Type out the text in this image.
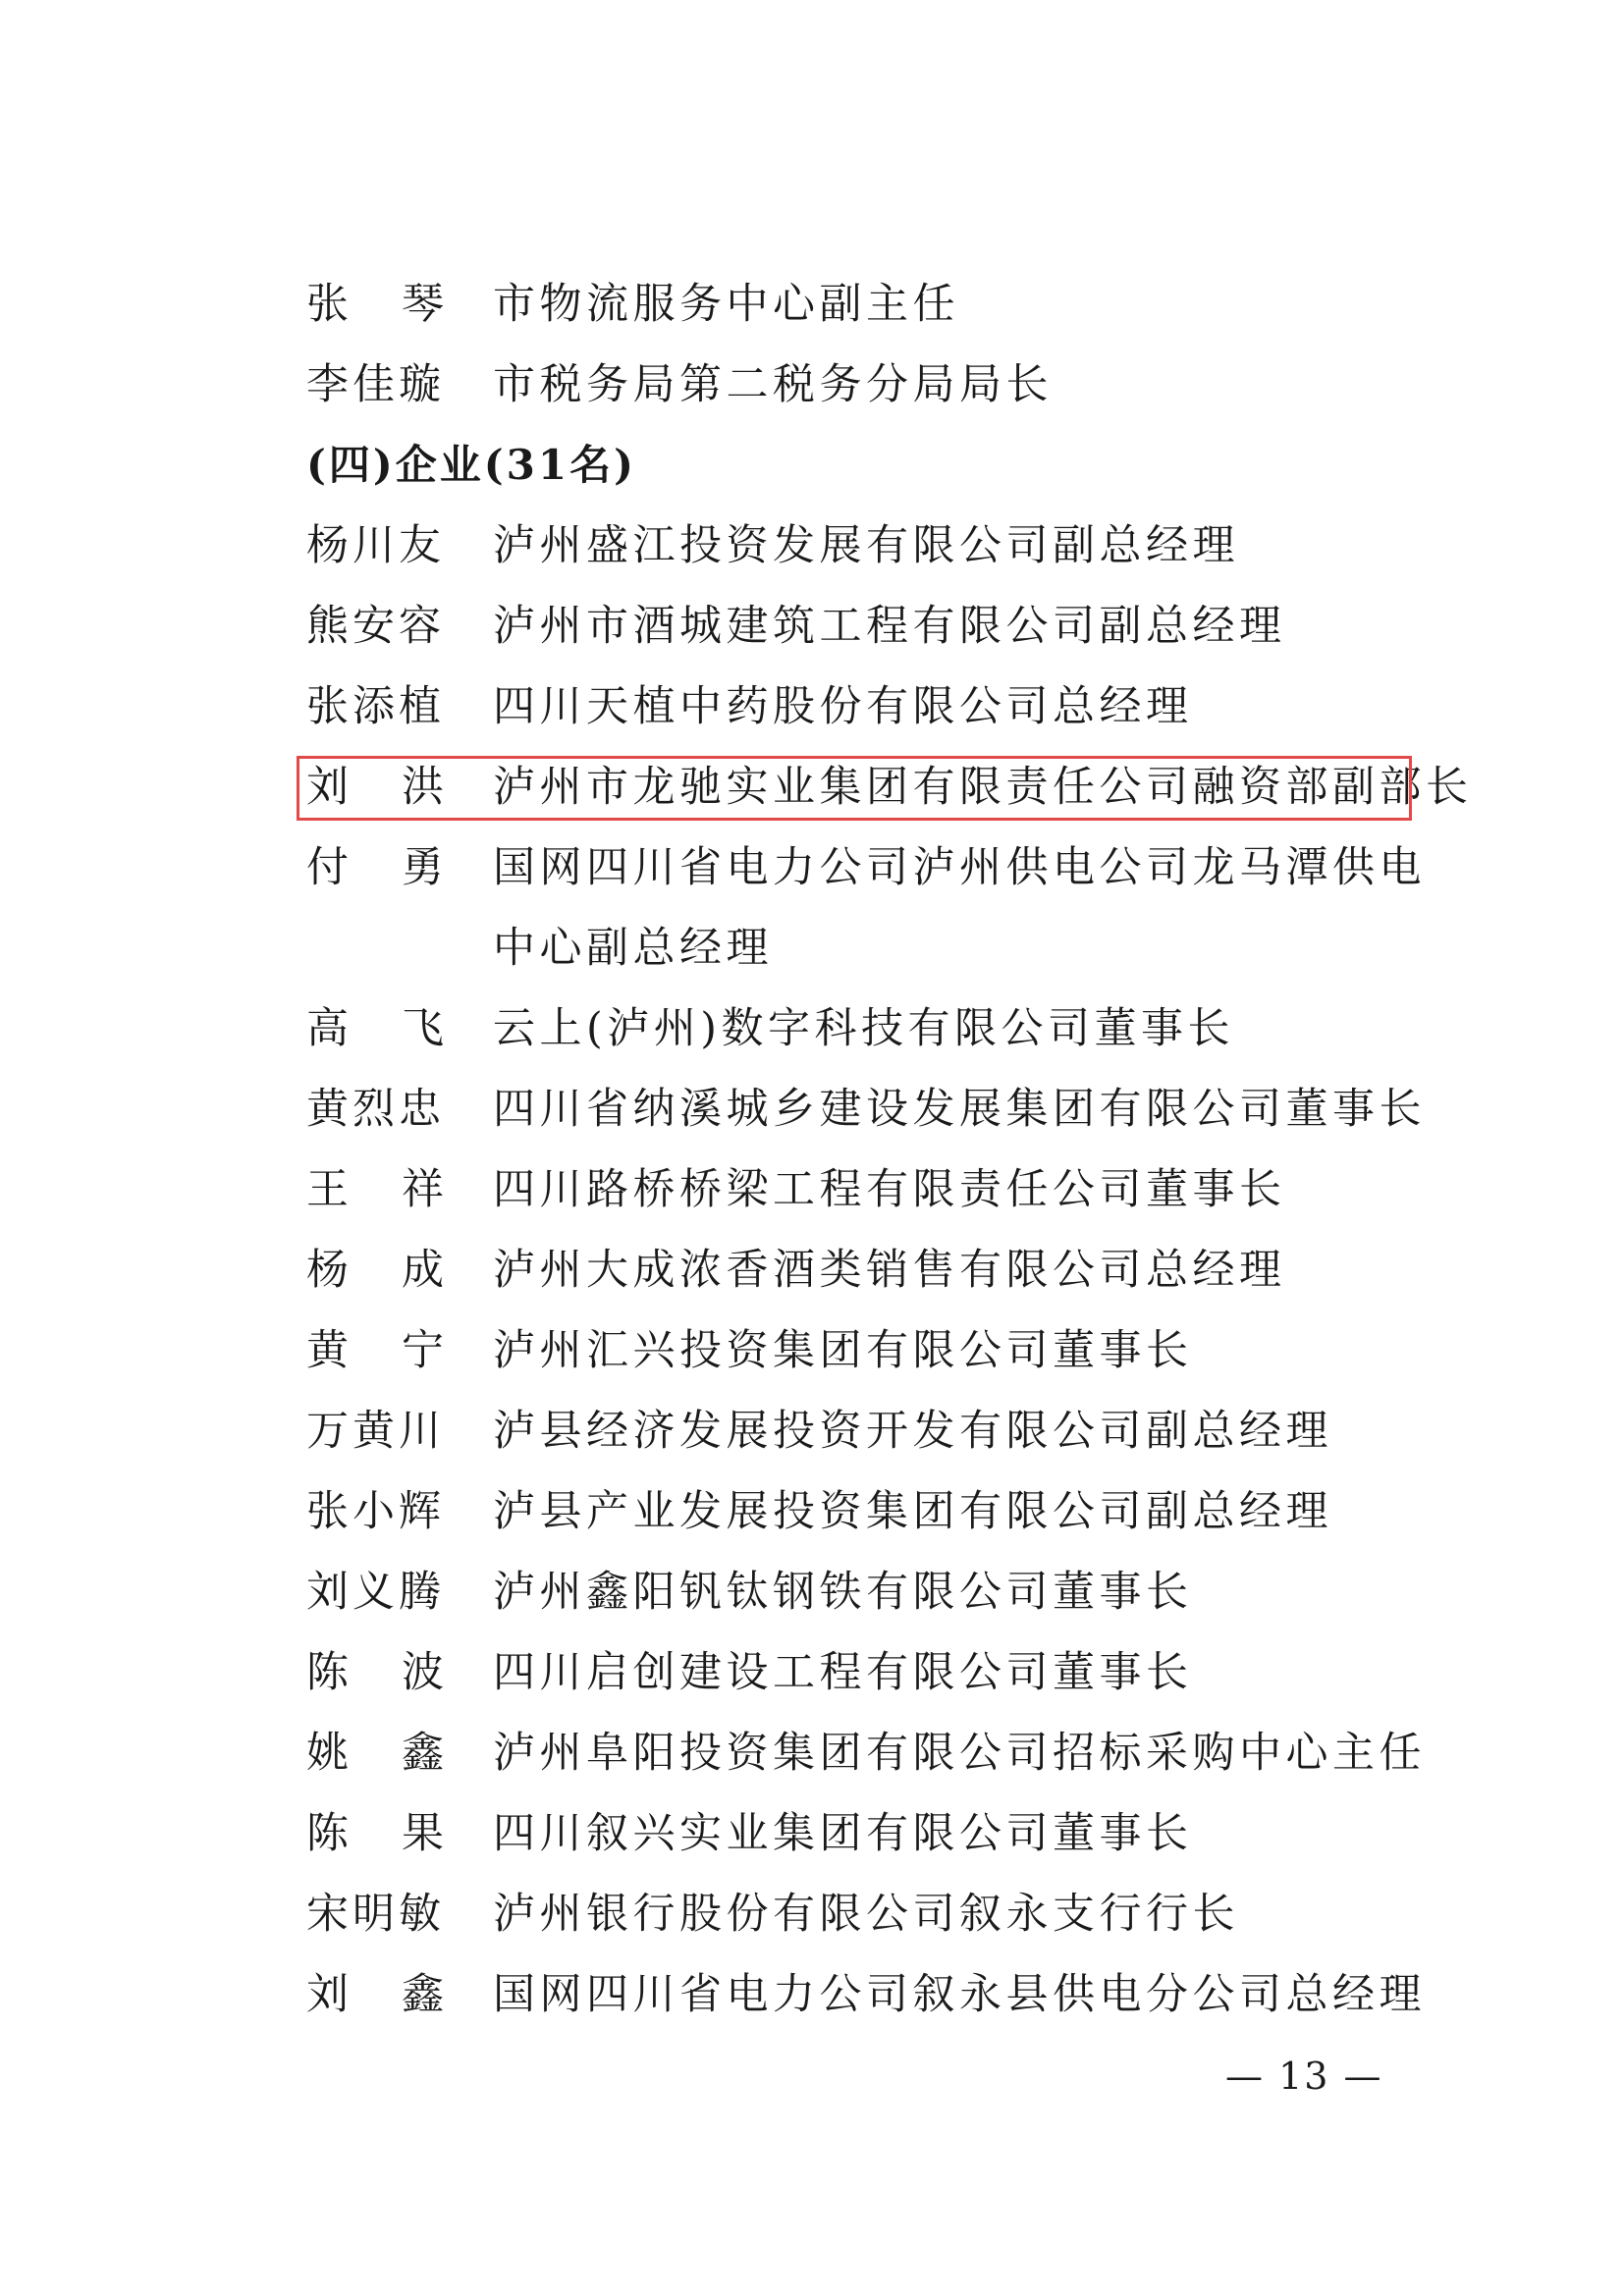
张 琴 市物流服务中心副主任
李佳璇 市税务局第二税务分局局长
(四)企业(31名)
杨川友 泸州盛江投资发展有限公司副总经理
熊安容 泸州市酒城建筑工程有限公司副总经理
张添植 四川天植中药股份有限公司总经理
刘 洪 泸州市龙驰实业集团有限责任公司融资部副部长
付 勇 国网四川省电力公司泸州供电公司龙马潭供电
中心副总经理
高 飞 云上(泸州)数字科技有限公司董事长
黄烈忠 四川省纳溪城乡建设发展集团有限公司董事长
王 祥 四川路桥桥梁工程有限责任公司董事长
杨 成 泸州大成浓香酒类销售有限公司总经理
黄 宁 泸州汇兴投资集团有限公司董事长
万黄川 泸县经济发展投资开发有限公司副总经理
张小辉 泸县产业发展投资集团有限公司副总经理
刘义腾 泸州鑫阳钒钛钢铁有限公司董事长
陈 波 四川启创建设工程有限公司董事长
姚 鑫 泸州阜阳投资集团有限公司招标采购中心主任
陈 果 四川叙兴实业集团有限公司董事长
宋明敏 泸州银行股份有限公司叙永支行行长
刘 鑫 国网四川省电力公司叙永县供电分公司总经理
— 13 —
